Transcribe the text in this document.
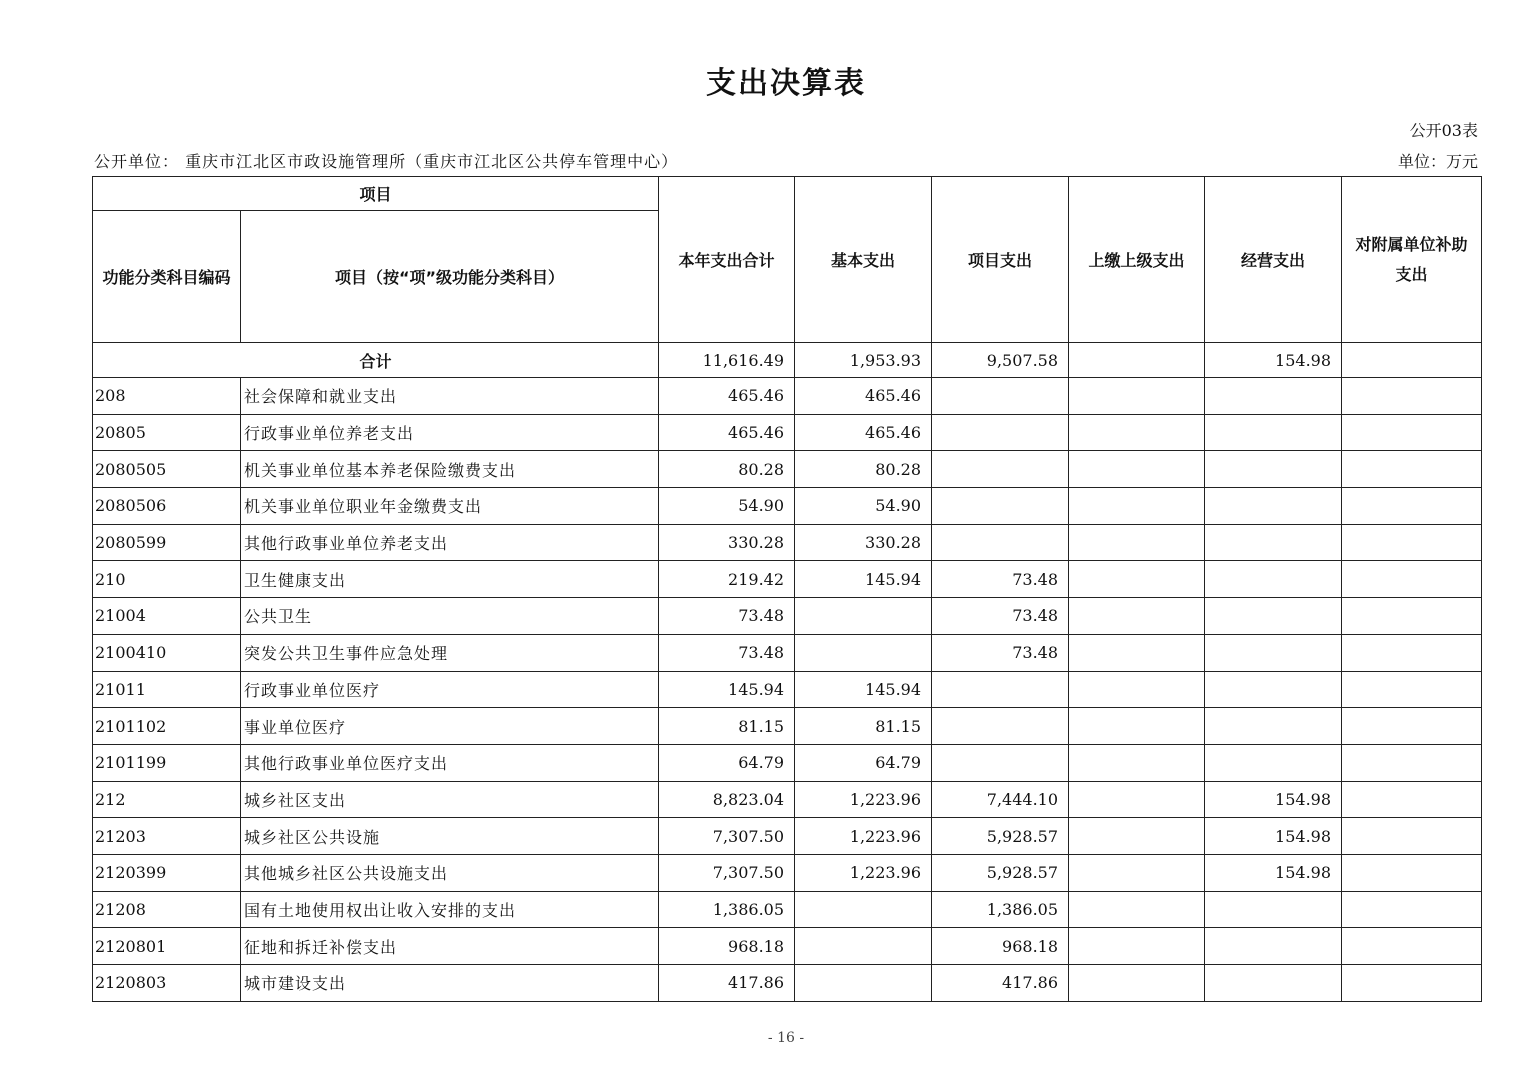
支出决算表
公开03表
公开单位： 重庆市江北区市政设施管理所（重庆市江北区公共停车管理中心）	单位：万元
项目		本年支出合计	基本支出	项目支出	上缴上级支出	经营支出	对附属单位补助支出
功能分类科目编码	项目（按“项”级功能分类科目）						
合计		11,616.49	1,953.93	9,507.58		154.98	
208	社会保障和就业支出	465.46	465.46				
20805	行政事业单位养老支出	465.46	465.46				
2080505	机关事业单位基本养老保险缴费支出	80.28	80.28				
2080506	机关事业单位职业年金缴费支出	54.90	54.90				
2080599	其他行政事业单位养老支出	330.28	330.28				
210	卫生健康支出	219.42	145.94	73.48			
21004	公共卫生	73.48		73.48			
2100410	突发公共卫生事件应急处理	73.48		73.48			
21011	行政事业单位医疗	145.94	145.94				
2101102	事业单位医疗	81.15	81.15				
2101199	其他行政事业单位医疗支出	64.79	64.79				
212	城乡社区支出	8,823.04	1,223.96	7,444.10		154.98	
21203	城乡社区公共设施	7,307.50	1,223.96	5,928.57		154.98	
2120399	其他城乡社区公共设施支出	7,307.50	1,223.96	5,928.57		154.98	
21208	国有土地使用权出让收入安排的支出	1,386.05		1,386.05			
2120801	征地和拆迁补偿支出	968.18		968.18			
2120803	城市建设支出	417.86		417.86			
- 16 -
